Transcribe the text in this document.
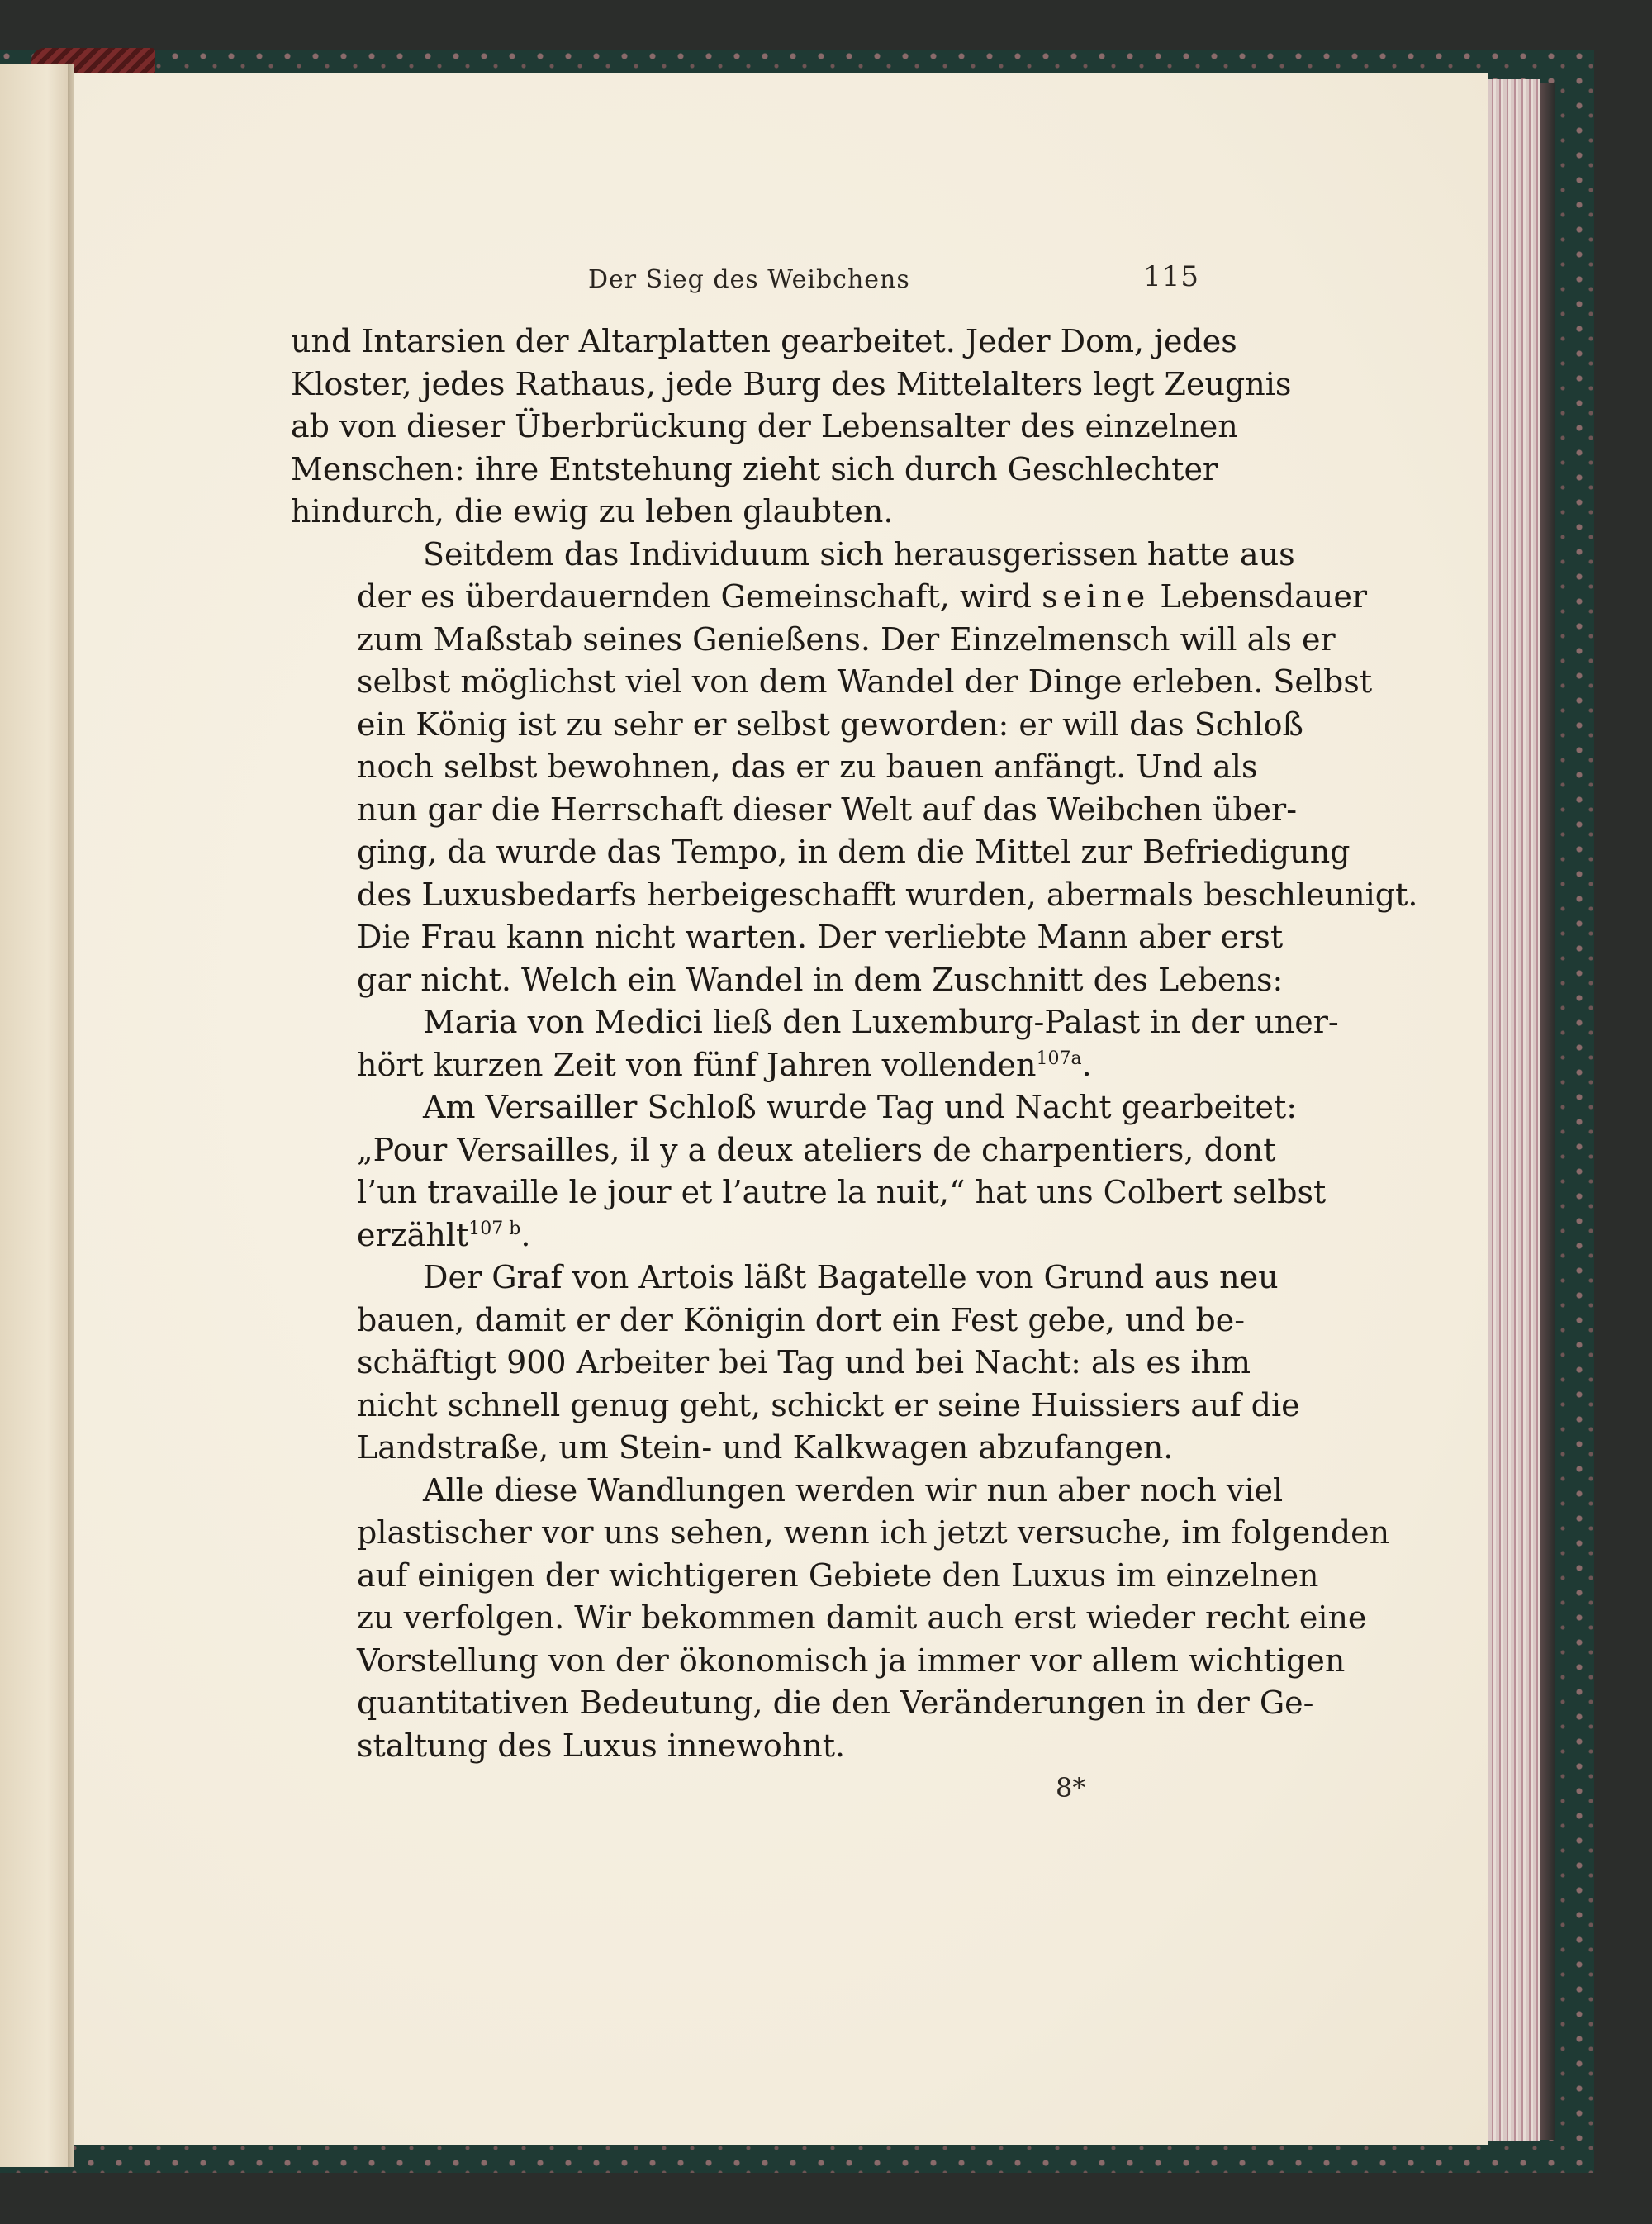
Der Sieg des Weibchens	115

und Intarsien der Altarplatten gearbeitet. Jeder Dom, jedes
Kloster, jedes Rathaus, jede Burg des Mittelalters legt Zeugnis
ab von dieser Überbrückung der Lebensalter des einzelnen
Menschen: ihre Entstehung zieht sich durch Geschlechter
hindurch, die ewig zu leben glaubten.

Seitdem das Individuum sich herausgerissen hatte aus
der es überdauernden Gemeinschaft, wird seine Lebensdauer
zum Maßstab seines Genießens. Der Einzelmensch will als er
selbst möglichst viel von dem Wandel der Dinge erleben. Selbst
ein König ist zu sehr er selbst geworden: er will das Schloß
noch selbst bewohnen, das er zu bauen anfängt. Und als
nun gar die Herrschaft dieser Welt auf das Weibchen über-
ging, da wurde das Tempo, in dem die Mittel zur Befriedigung
des Luxusbedarfs herbeigeschafft wurden, abermals beschleunigt.
Die Frau kann nicht warten. Der verliebte Mann aber erst
gar nicht. Welch ein Wandel in dem Zuschnitt des Lebens:

Maria von Medici ließ den Luxemburg-Palast in der uner-
hört kurzen Zeit von fünf Jahren vollenden$^{107a}$.

Am Versailler Schloß wurde Tag und Nacht gearbeitet:
„Pour Versailles, il y a deux ateliers de charpentiers, dont
l’un travaille le jour et l’autre la nuit,“ hat uns Colbert selbst
erzählt$^{107 b}$.

Der Graf von Artois läßt Bagatelle von Grund aus neu
bauen, damit er der Königin dort ein Fest gebe, und be-
schäftigt 900 Arbeiter bei Tag und bei Nacht: als es ihm
nicht schnell genug geht, schickt er seine Huissiers auf die
Landstraße, um Stein- und Kalkwagen abzufangen.

Alle diese Wandlungen werden wir nun aber noch viel
plastischer vor uns sehen, wenn ich jetzt versuche, im folgenden
auf einigen der wichtigeren Gebiete den Luxus im einzelnen
zu verfolgen. Wir bekommen damit auch erst wieder recht eine
Vorstellung von der ökonomisch ja immer vor allem wichtigen
quantitativen Bedeutung, die den Veränderungen in der Ge-
staltung des Luxus innewohnt.

8*
